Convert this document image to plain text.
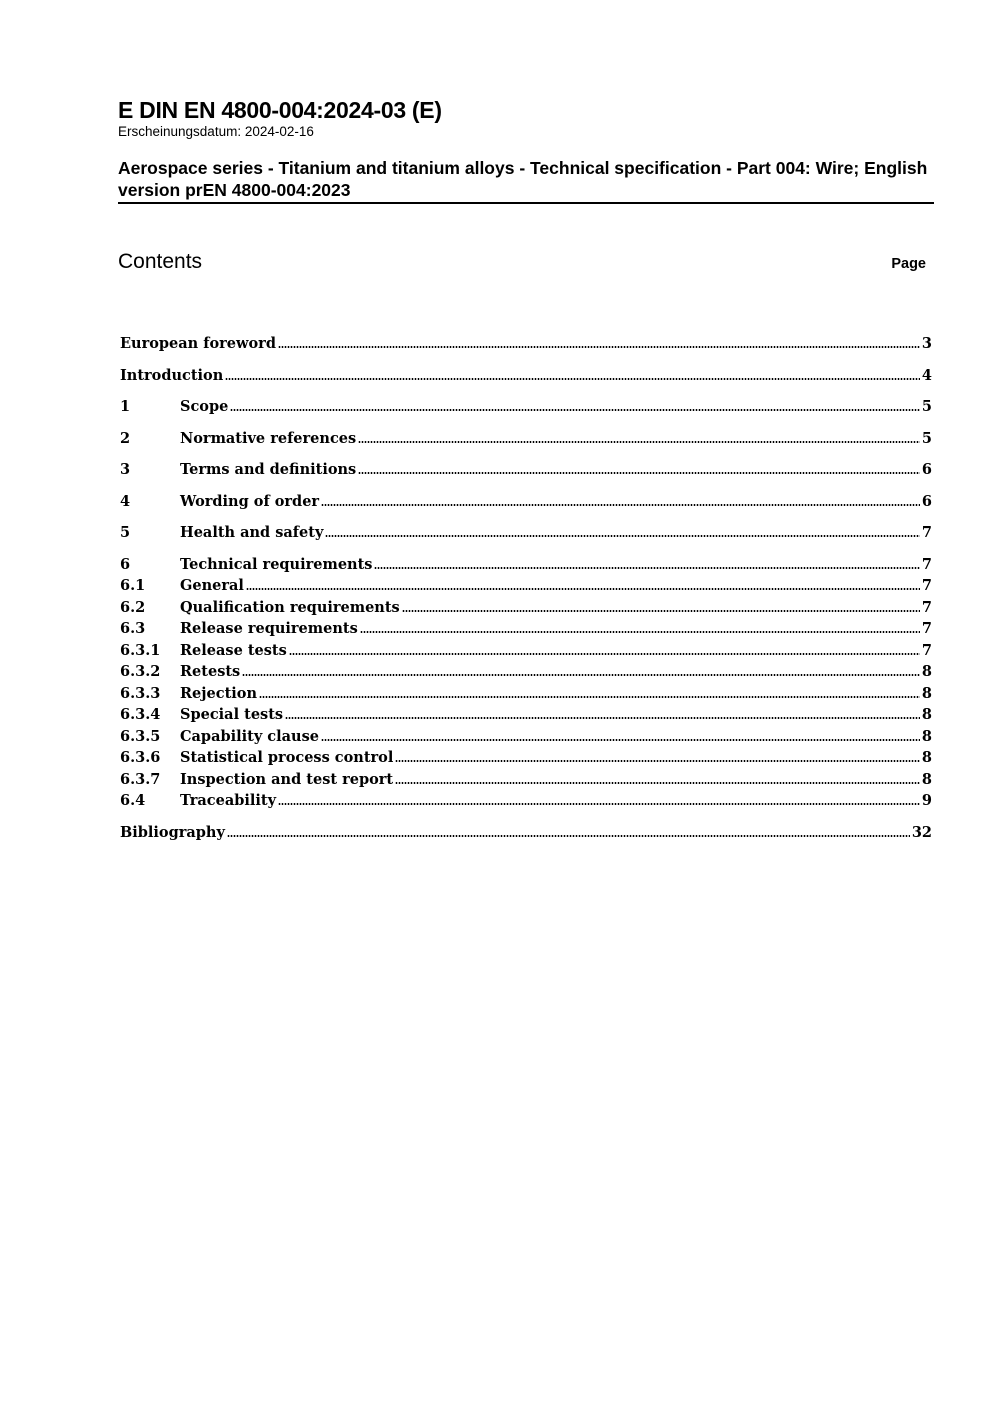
E DIN EN 4800-004:2024-03 (E)
Erscheinungsdatum: 2024-02-16
Aerospace series - Titanium and titanium alloys - Technical specification - Part 004: Wire; English version prEN 4800-004:2023
Contents	Page
European foreword	3
Introduction	4
1	Scope	5
2	Normative references	5
3	Terms and definitions	6
4	Wording of order	6
5	Health and safety	7
6	Technical requirements	7
6.1	General	7
6.2	Qualification requirements	7
6.3	Release requirements	7
6.3.1	Release tests	7
6.3.2	Retests	8
6.3.3	Rejection	8
6.3.4	Special tests	8
6.3.5	Capability clause	8
6.3.6	Statistical process control	8
6.3.7	Inspection and test report	8
6.4	Traceability	9
Bibliography	32
